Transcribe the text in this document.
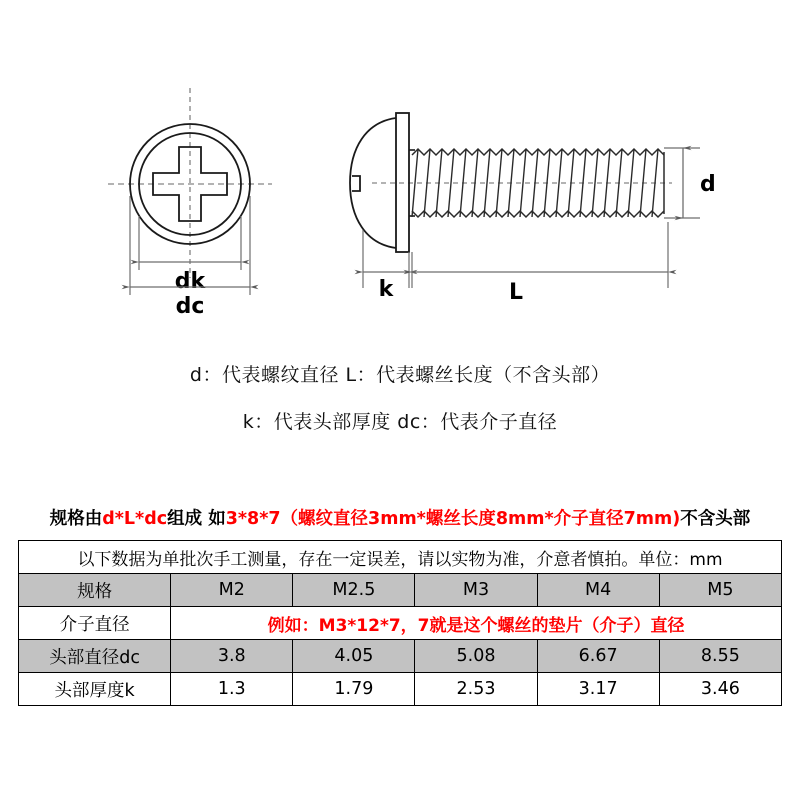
dk
dc
d
k	L
d：代表螺纹直径 L：代表螺丝长度（不含头部）
k：代表头部厚度 dc：代表介子直径
规格由d*L*dc组成 如3*8*7（螺纹直径3mm*螺丝长度8mm*介子直径7mm)不含头部
以下数据为单批次手工测量，存在一定误差，请以实物为准，介意者慎拍。单位：mm					
规格	M2	M2.5	M3	M4	M5
介子直径	例如：M3*12*7，7就是这个螺丝的垫片（介子）直径				
头部直径dc	3.8	4.05	5.08	6.67	8.55
头部厚度k	1.3	1.79	2.53	3.17	3.46
